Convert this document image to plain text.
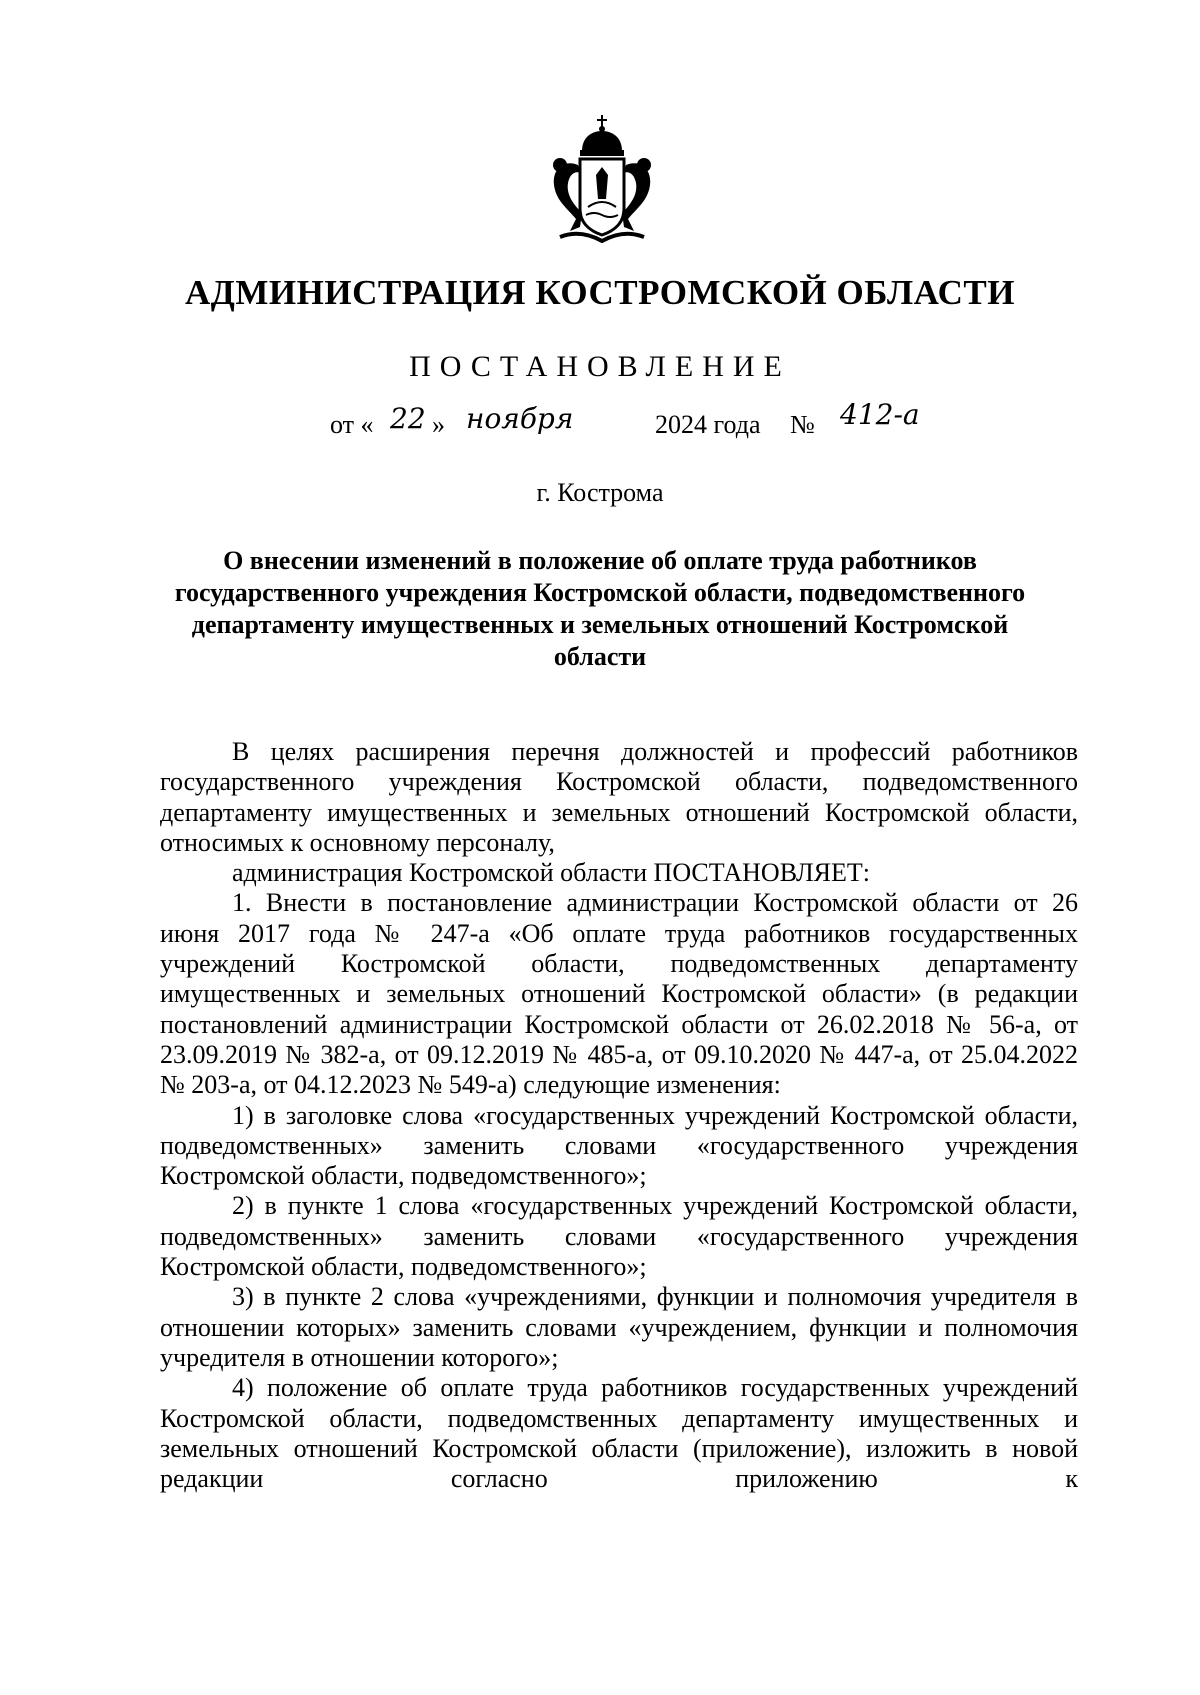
АДМИНИСТРАЦИЯ КОСТРОМСКОЙ ОБЛАСТИ
ПОСТАНОВЛЕНИЕ
от « 22 » ноября	2024 года № 412-а
г. Кострома
О внесении изменений в положение об оплате труда работников государственного учреждения Костромской области, подведомственного департаменту имущественных и земельных отношений Костромской области

В целях расширения перечня должностей и профессий работников государственного учреждения Костромской области, подведомственного департаменту имущественных и земельных отношений Костромской области, относимых к основному персоналу,

администрация Костромской области ПОСТАНОВЛЯЕТ:

1. Внести в постановление администрации Костромской области от 26 июня 2017 года № 247-а «Об оплате труда работников государственных учреждений Костромской области, подведомственных департаменту имущественных и земельных отношений Костромской области» (в редакции постановлений администрации Костромской области от 26.02.2018 № 56-а, от 23.09.2019 № 382-а, от 09.12.2019 № 485-а, от 09.10.2020 № 447-а, от 25.04.2022 № 203-а, от 04.12.2023 № 549-а) следующие изменения:

1) в заголовке слова «государственных учреждений Костромской области, подведомственных» заменить словами «государственного учреждения Костромской области, подведомственного»;

2) в пункте 1 слова «государственных учреждений Костромской области, подведомственных» заменить словами «государственного учреждения Костромской области, подведомственного»;

3) в пункте 2 слова «учреждениями, функции и полномочия учредителя в отношении которых» заменить словами «учреждением, функции и полномочия учредителя в отношении которого»;

4) положение об оплате труда работников государственных учреждений Костромской области, подведомственных департаменту имущественных и земельных отношений Костромской области (приложение), изложить в новой редакции согласно приложению к
